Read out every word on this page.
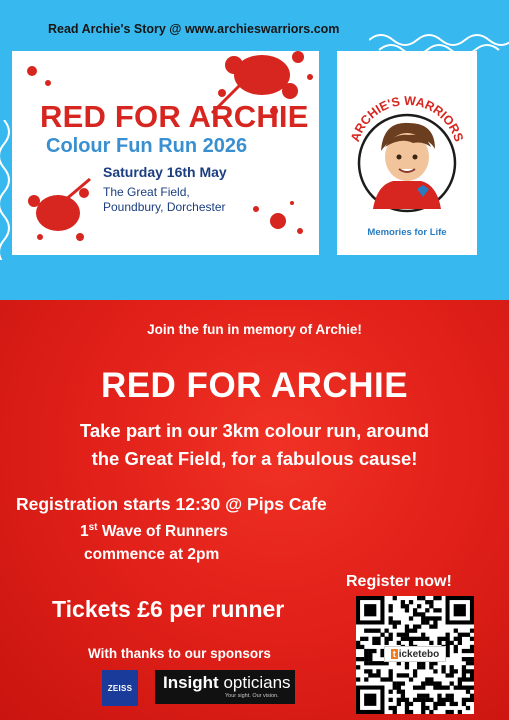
Read Archie's Story @ www.archieswarriors.com
RED FOR ARCHIE
Colour Fun Run 2026
Saturday 16th May
The Great Field,
Poundbury, Dorchester
ARCHIE'S WARRIORS
Memories for Life
Join the fun in memory of Archie!
RED FOR ARCHIE
Take part in our 3km colour run, around
the Great Field, for a fabulous cause!
Registration starts 12:30 @ Pips Cafe
1st Wave of Runners
commence at 2pm
Register now!
Tickets £6 per runner
With thanks to our sponsors	t icketebo
ZEISS Insight opticians
Your sight. Our vision.
